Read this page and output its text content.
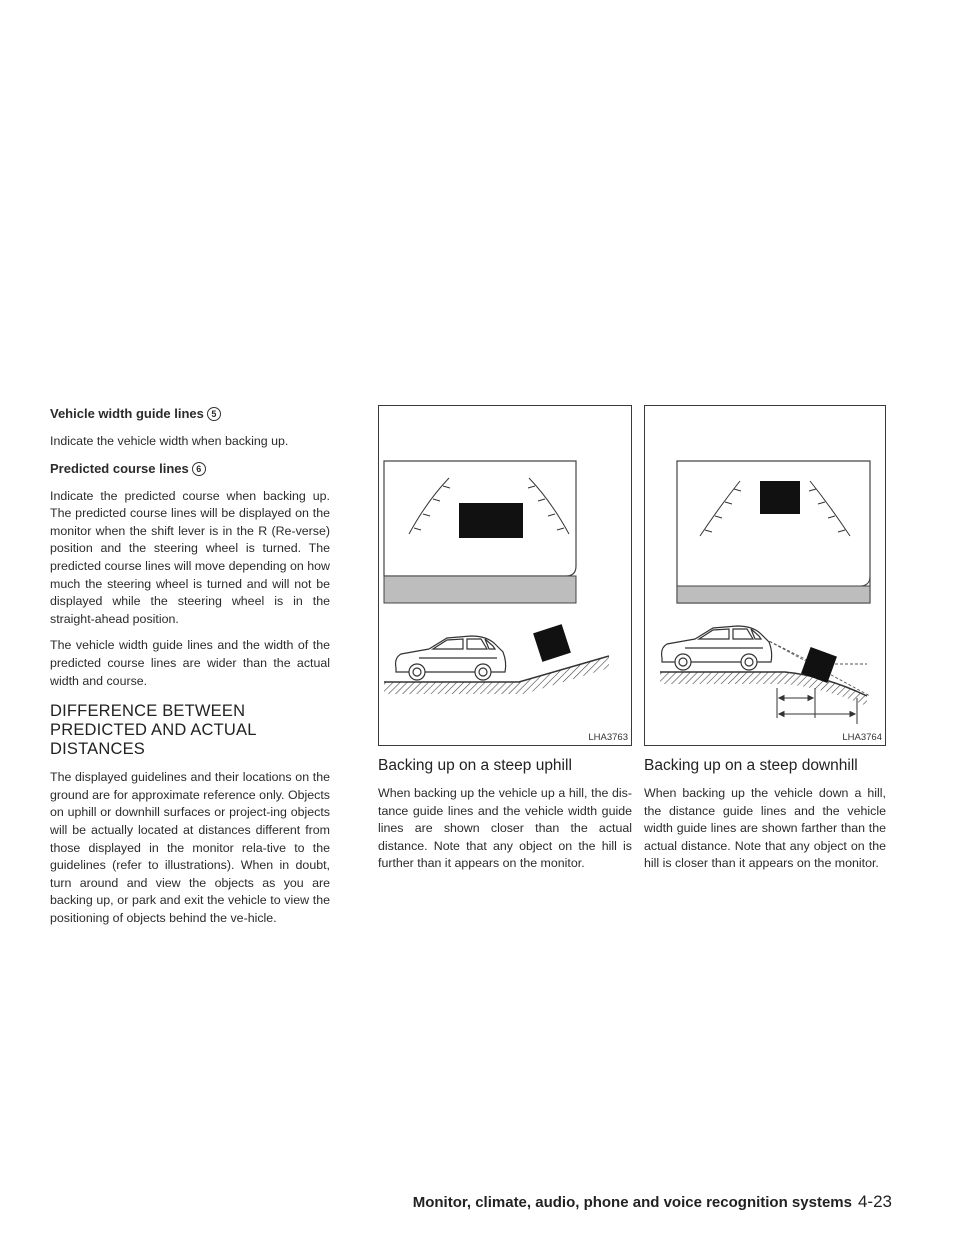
Vehicle width guide lines 5

Indicate the vehicle width when backing up.

Predicted course lines 6

Indicate the predicted course when backing up. The predicted course lines will be displayed on the monitor when the shift lever is in the R (Re-verse) position and the steering wheel is turned. The predicted course lines will move depending on how much the steering wheel is turned and will not be displayed while the steering wheel is in the straight-ahead position.

The vehicle width guide lines and the width of the predicted course lines are wider than the actual width and course.

DIFFERENCE BETWEEN PREDICTED AND ACTUAL DISTANCES

The displayed guidelines and their locations on the ground are for approximate reference only. Objects on uphill or downhill surfaces or project-ing objects will be actually located at distances different from those displayed in the monitor rela-tive to the guidelines (refer to illustrations). When in doubt, turn around and view the objects as you are backing up, or park and exit the vehicle to view the positioning of objects behind the ve-hicle.

LHA3763
Backing up on a steep uphill

When backing up the vehicle up a hill, the dis-tance guide lines and the vehicle width guide lines are shown closer than the actual distance. Note that any object on the hill is further than it appears on the monitor.

LHA3764
Backing up on a steep downhill

When backing up the vehicle down a hill, the distance guide lines and the vehicle width guide lines are shown farther than the actual distance. Note that any object on the hill is closer than it appears on the monitor.

Monitor, climate, audio, phone and voice recognition systems 4-23
